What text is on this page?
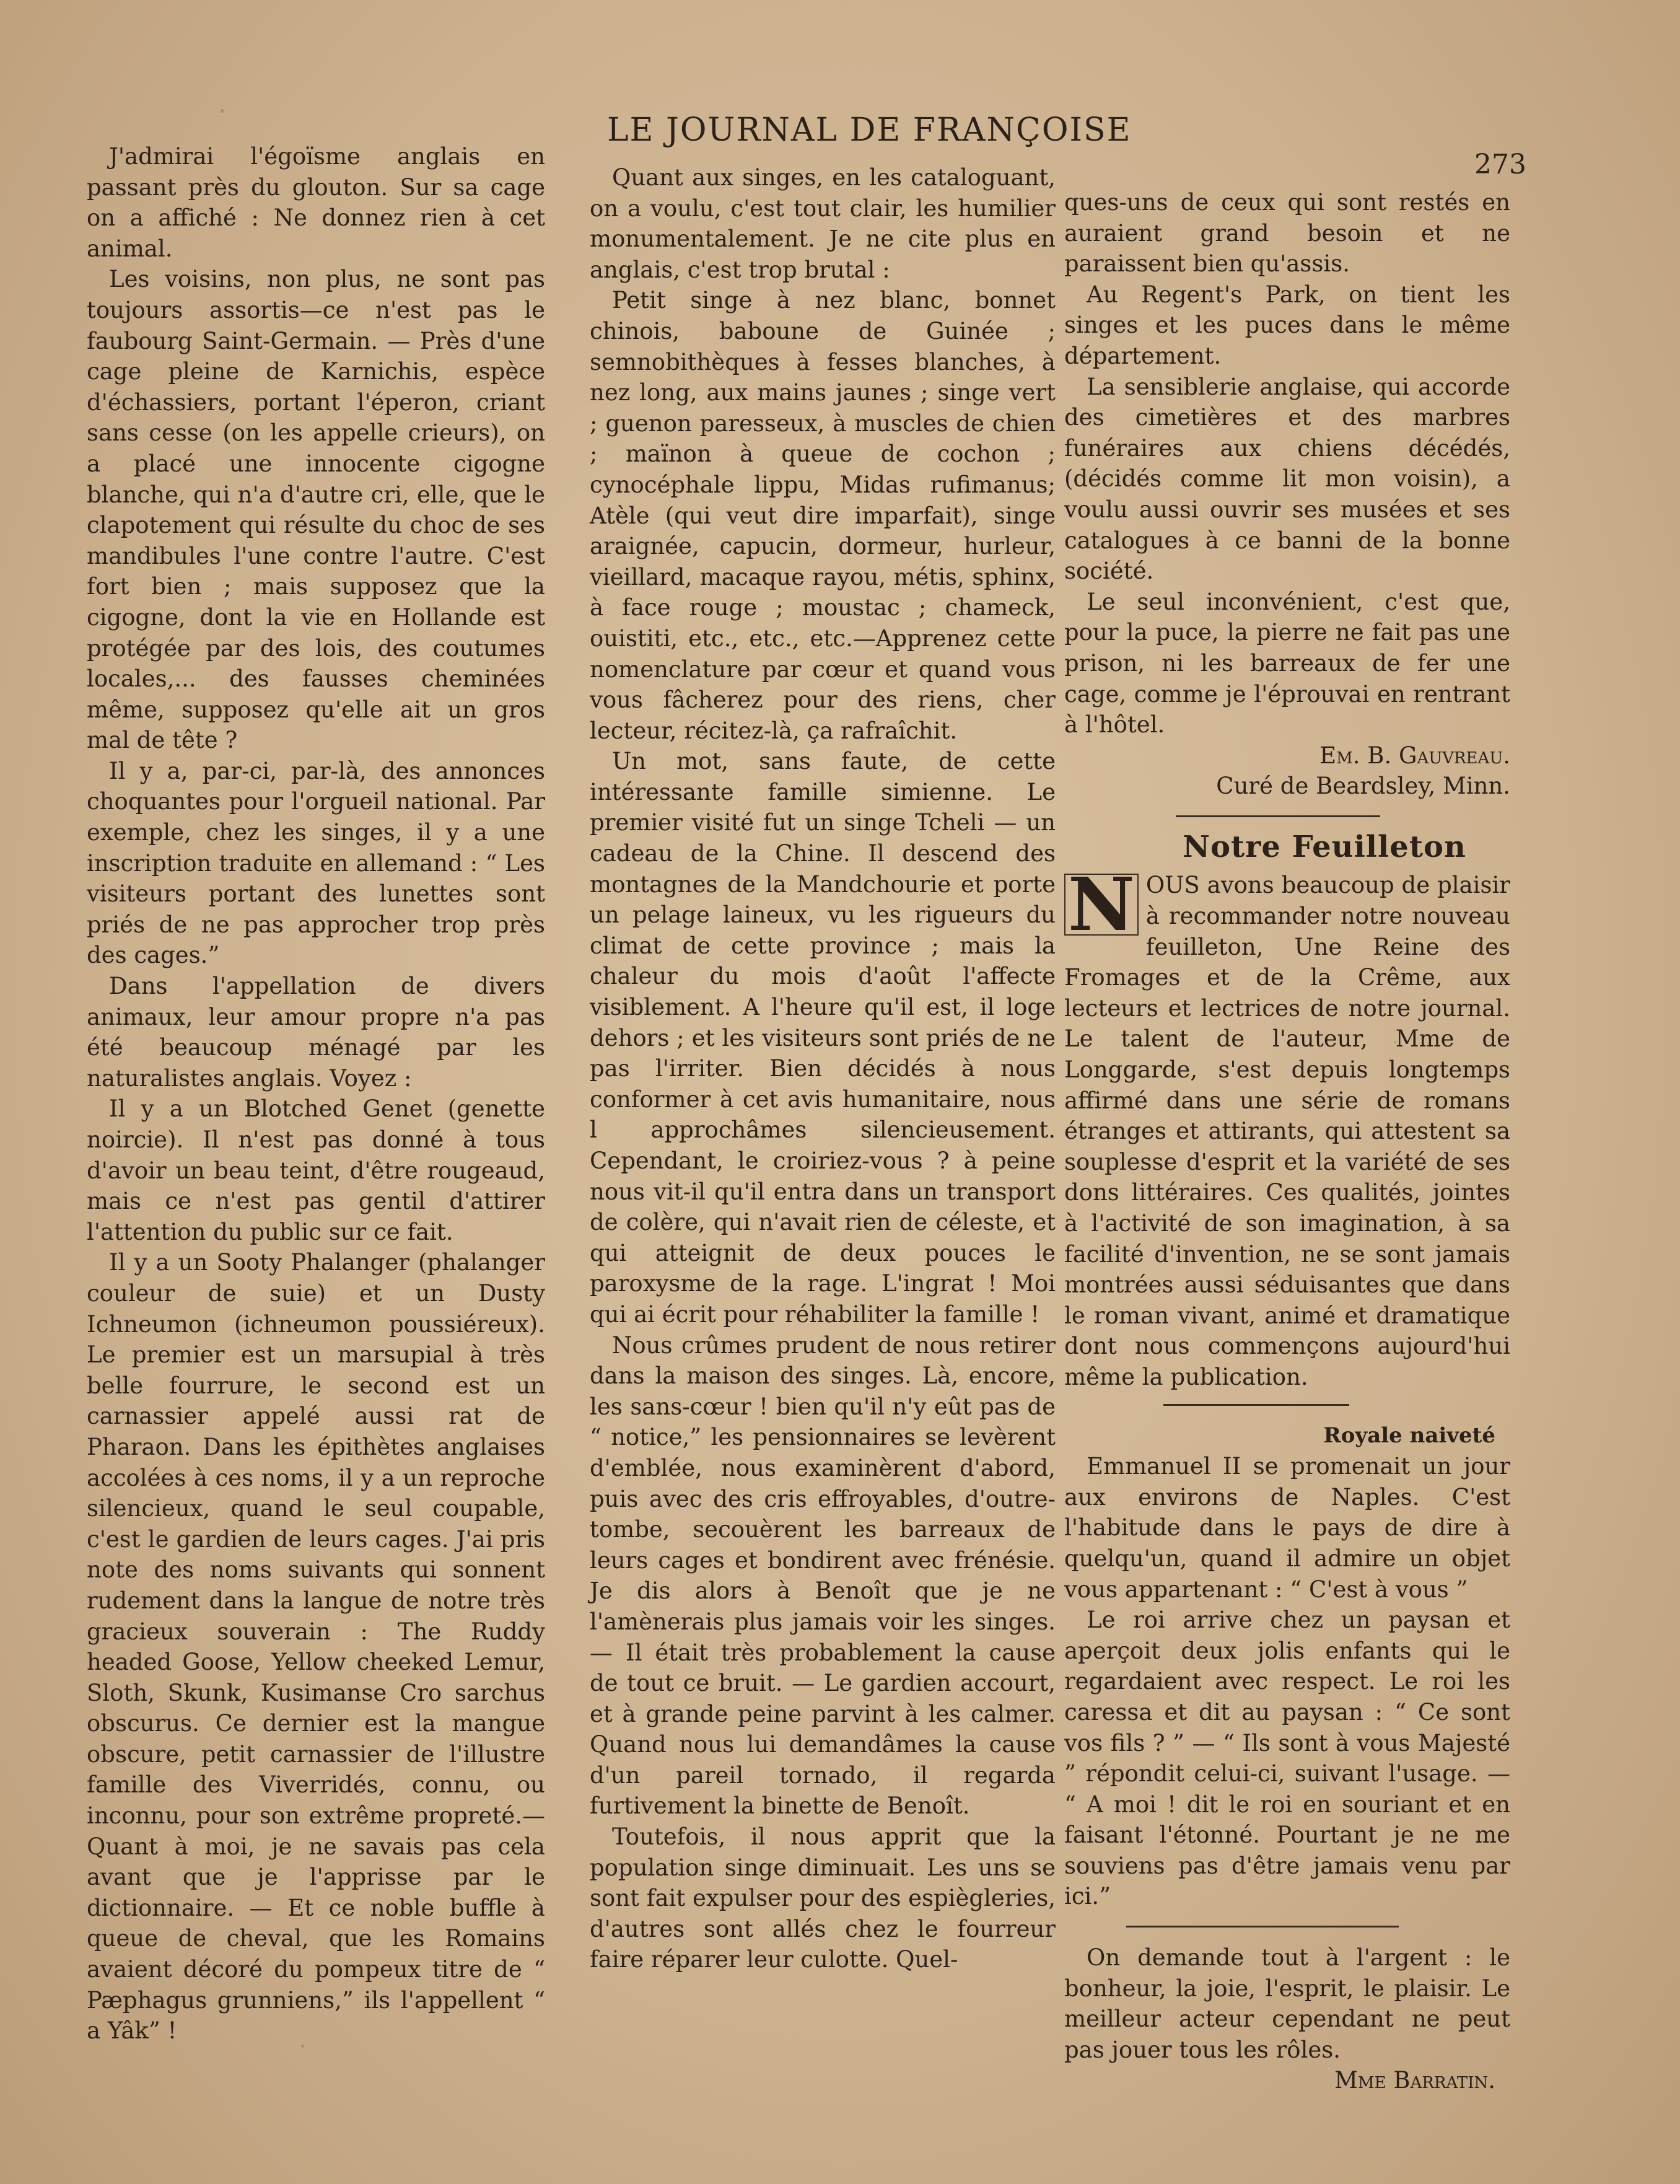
LE JOURNAL DE FRANÇOISE
273

J'admirai l'égoïsme anglais en passant près du glouton. Sur sa cage on a affiché : Ne donnez rien à cet animal.

Les voisins, non plus, ne sont pas toujours assortis—ce n'est pas le faubourg Saint-Germain. — Près d'une cage pleine de Karnichis, espèce d'échassiers, portant l'éperon, criant sans cesse (on les appelle crieurs), on a placé une innocente cigogne blanche, qui n'a d'autre cri, elle, que le clapotement qui résulte du choc de ses mandibules l'une contre l'autre. C'est fort bien ; mais supposez que la cigogne, dont la vie en Hollande est protégée par des lois, des coutumes locales,... des fausses cheminées même, supposez qu'elle ait un gros mal de tête ?

Il y a, par-ci, par-là, des annonces choquantes pour l'orgueil national. Par exemple, chez les singes, il y a une inscription traduite en allemand : “ Les visiteurs portant des lunettes sont priés de ne pas approcher trop près des cages.”

Dans l'appellation de divers animaux, leur amour propre n'a pas été beaucoup ménagé par les naturalistes anglais. Voyez :

Il y a un Blotched Genet (genette noircie). Il n'est pas donné à tous d'avoir un beau teint, d'être rougeaud, mais ce n'est pas gentil d'attirer l'attention du public sur ce fait.

Il y a un Sooty Phalanger (phalanger couleur de suie) et un Dusty Ichneumon (ichneumon poussiéreux). Le premier est un marsupial à très belle fourrure, le second est un carnassier appelé aussi rat de Pharaon. Dans les épithètes anglaises accolées à ces noms, il y a un reproche silencieux, quand le seul coupable, c'est le gardien de leurs cages. J'ai pris note des noms suivants qui sonnent rudement dans la langue de notre très gracieux souverain : The Ruddy headed Goose, Yellow cheeked Lemur, Sloth, Skunk, Kusimanse Cro sarchus obscurus. Ce dernier est la mangue obscure, petit carnassier de l'illustre famille des Viverridés, connu, ou inconnu, pour son extrême propreté.—Quant à moi, je ne savais pas cela avant que je l'apprisse par le dictionnaire. — Et ce noble buffle à queue de cheval, que les Romains avaient décoré du pompeux titre de “ Pæphagus grunniens,” ils l'appellent “ a Yâk” !

Quant aux singes, en les cataloguant, on a voulu, c'est tout clair, les humilier monumentalement. Je ne cite plus en anglais, c'est trop brutal :

Petit singe à nez blanc, bonnet chinois, baboune de Guinée ; semnobithèques à fesses blanches, à nez long, aux mains jaunes ; singe vert ; guenon paresseux, à muscles de chien ; maïnon à queue de cochon ; cynocéphale lippu, Midas rufimanus; Atèle (qui veut dire imparfait), singe araignée, capucin, dormeur, hurleur, vieillard, macaque rayou, métis, sphinx, à face rouge ; moustac ; chameck, ouistiti, etc., etc., etc.—Apprenez cette nomenclature par cœur et quand vous vous fâcherez pour des riens, cher lecteur, récitez-là, ça rafraîchit.

Un mot, sans faute, de cette intéressante famille simienne. Le premier visité fut un singe Tcheli — un cadeau de la Chine. Il descend des montagnes de la Mandchourie et porte un pelage laineux, vu les rigueurs du climat de cette province ; mais la chaleur du mois d'août l'affecte visiblement. A l'heure qu'il est, il loge dehors ; et les visiteurs sont priés de ne pas l'irriter. Bien décidés à nous conformer à cet avis humanitaire, nous l approchâmes silencieusement. Cependant, le croiriez-vous ? à peine nous vit-il qu'il entra dans un transport de colère, qui n'avait rien de céleste, et qui atteignit de deux pouces le paroxysme de la rage. L'ingrat ! Moi qui ai écrit pour réhabiliter la famille !

Nous crûmes prudent de nous retirer dans la maison des singes. Là, encore, les sans-cœur ! bien qu'il n'y eût pas de “ notice,” les pensionnaires se levèrent d'emblée, nous examinèrent d'abord, puis avec des cris effroyables, d'outre-tombe, secouèrent les barreaux de leurs cages et bondirent avec frénésie. Je dis alors à Benoît que je ne l'amènerais plus jamais voir les singes. — Il était très probablement la cause de tout ce bruit. — Le gardien accourt, et à grande peine parvint à les calmer. Quand nous lui demandâmes la cause d'un pareil tornado, il regarda furtivement la binette de Benoît.

Toutefois, il nous apprit que la population singe diminuait. Les uns se sont fait expulser pour des espiègleries, d'autres sont allés chez le fourreur faire réparer leur culotte. Quel-

ques-uns de ceux qui sont restés en auraient grand besoin et ne paraissent bien qu'assis.

Au Regent's Park, on tient les singes et les puces dans le même département.

La sensiblerie anglaise, qui accorde des cimetières et des marbres funéraires aux chiens décédés, (décidés comme lit mon voisin), a voulu aussi ouvrir ses musées et ses catalogues à ce banni de la bonne société.

Le seul inconvénient, c'est que, pour la puce, la pierre ne fait pas une prison, ni les barreaux de fer une cage, comme je l'éprouvai en rentrant à l'hôtel.

Em. B. Gauvreau.

Curé de Beardsley, Minn.

Notre Feuilleton

N OUS avons beaucoup de plaisir à recommander notre nouveau feuilleton, Une Reine des Fromages et de la Crême, aux lecteurs et lectrices de notre journal. Le talent de l'auteur, Mme de Longgarde, s'est depuis longtemps affirmé dans une série de romans étranges et attirants, qui attestent sa souplesse d'esprit et la variété de ses dons littéraires. Ces qualités, jointes à l'activité de son imagination, à sa facilité d'invention, ne se sont jamais montrées aussi séduisantes que dans le roman vivant, animé et dramatique dont nous commençons aujourd'hui même la publication.

Royale naiveté

Emmanuel II se promenait un jour aux environs de Naples. C'est l'habitude dans le pays de dire à quelqu'un, quand il admire un objet vous appartenant : “ C'est à vous ”

Le roi arrive chez un paysan et aperçoit deux jolis enfants qui le regardaient avec respect. Le roi les caressa et dit au paysan : “ Ce sont vos fils ? ” — “ Ils sont à vous Majesté ” répondit celui-ci, suivant l'usage. — “ A moi ! dit le roi en souriant et en faisant l'étonné. Pourtant je ne me souviens pas d'être jamais venu par ici.”

On demande tout à l'argent : le bonheur, la joie, l'esprit, le plaisir. Le meilleur acteur cependant ne peut pas jouer tous les rôles.

Mme Barratin.
